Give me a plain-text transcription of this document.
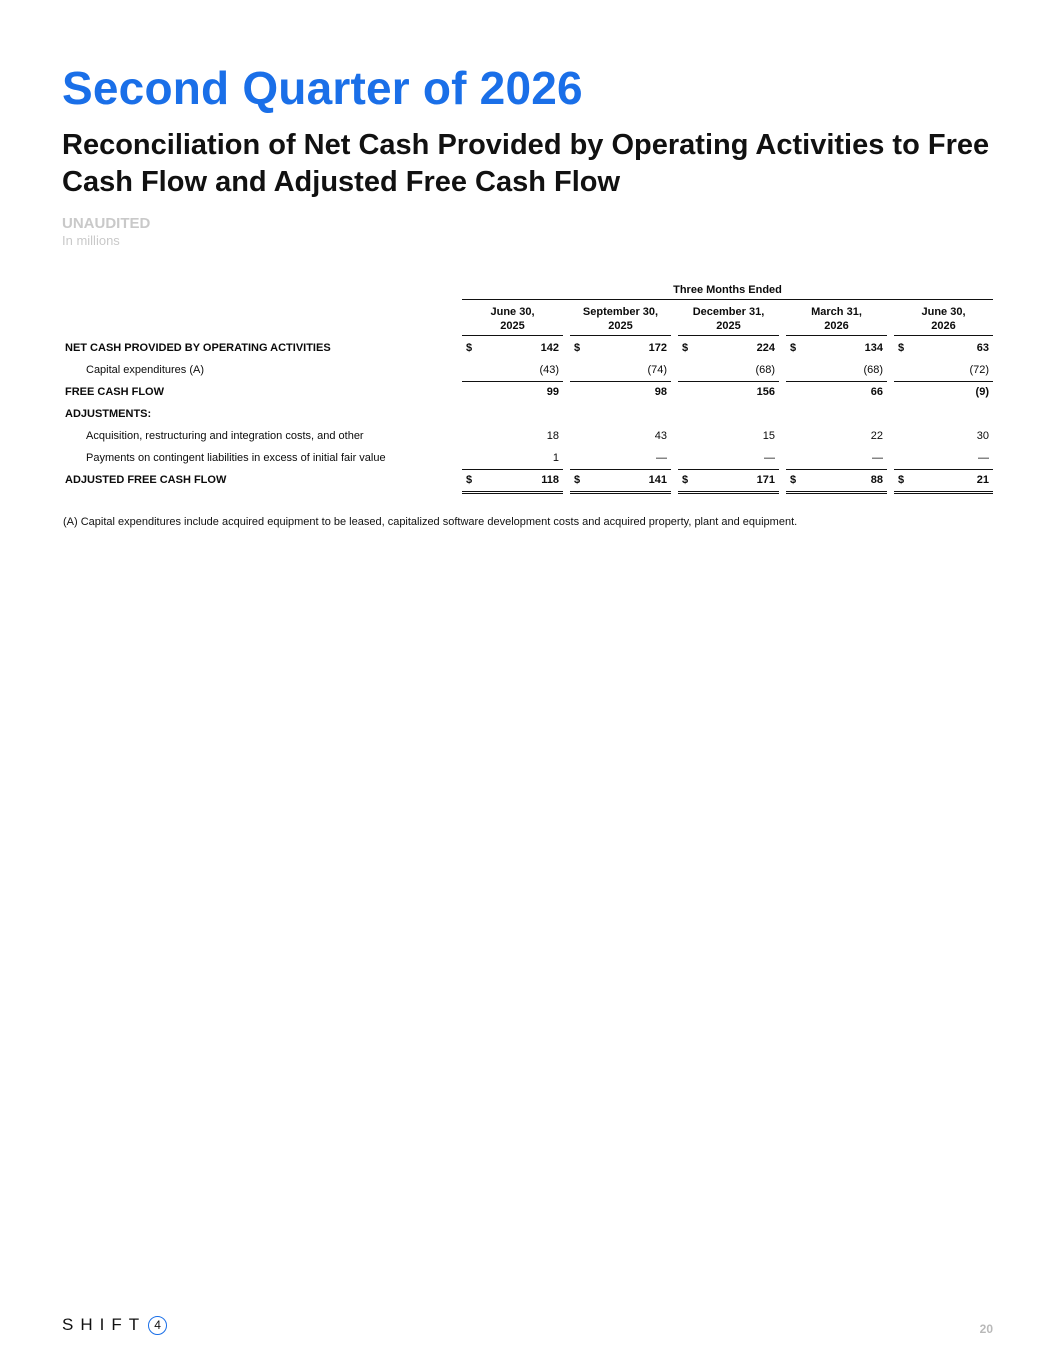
Second Quarter of 2026
Reconciliation of Net Cash Provided by Operating Activities to Free Cash Flow and Adjusted Free Cash Flow
UNAUDITED
In millions
Three Months Ended
June 30,
2025
September 30,
2025
December 31,
2025
March 31,
2026
June 30,
2026
NET CASH PROVIDED BY OPERATING ACTIVITIES	$	142 $	172 $	224 $	134 $	63
Capital expenditures (A)	(43)	(74)	(68)	(68)	(72)
FREE CASH FLOW	99	98	156	66	(9)
ADJUSTMENTS:
Acquisition, restructuring and integration costs, and other	18	43	15	22	30
Payments on contingent liabilities in excess of initial fair value	1	—	—	—	—
ADJUSTED FREE CASH FLOW	$	118 $	141 $	171 $	88 $	21
(A) Capital expenditures include acquired equipment to be leased, capitalized software development costs and acquired property, plant and equipment.
SHIFT 4	20
